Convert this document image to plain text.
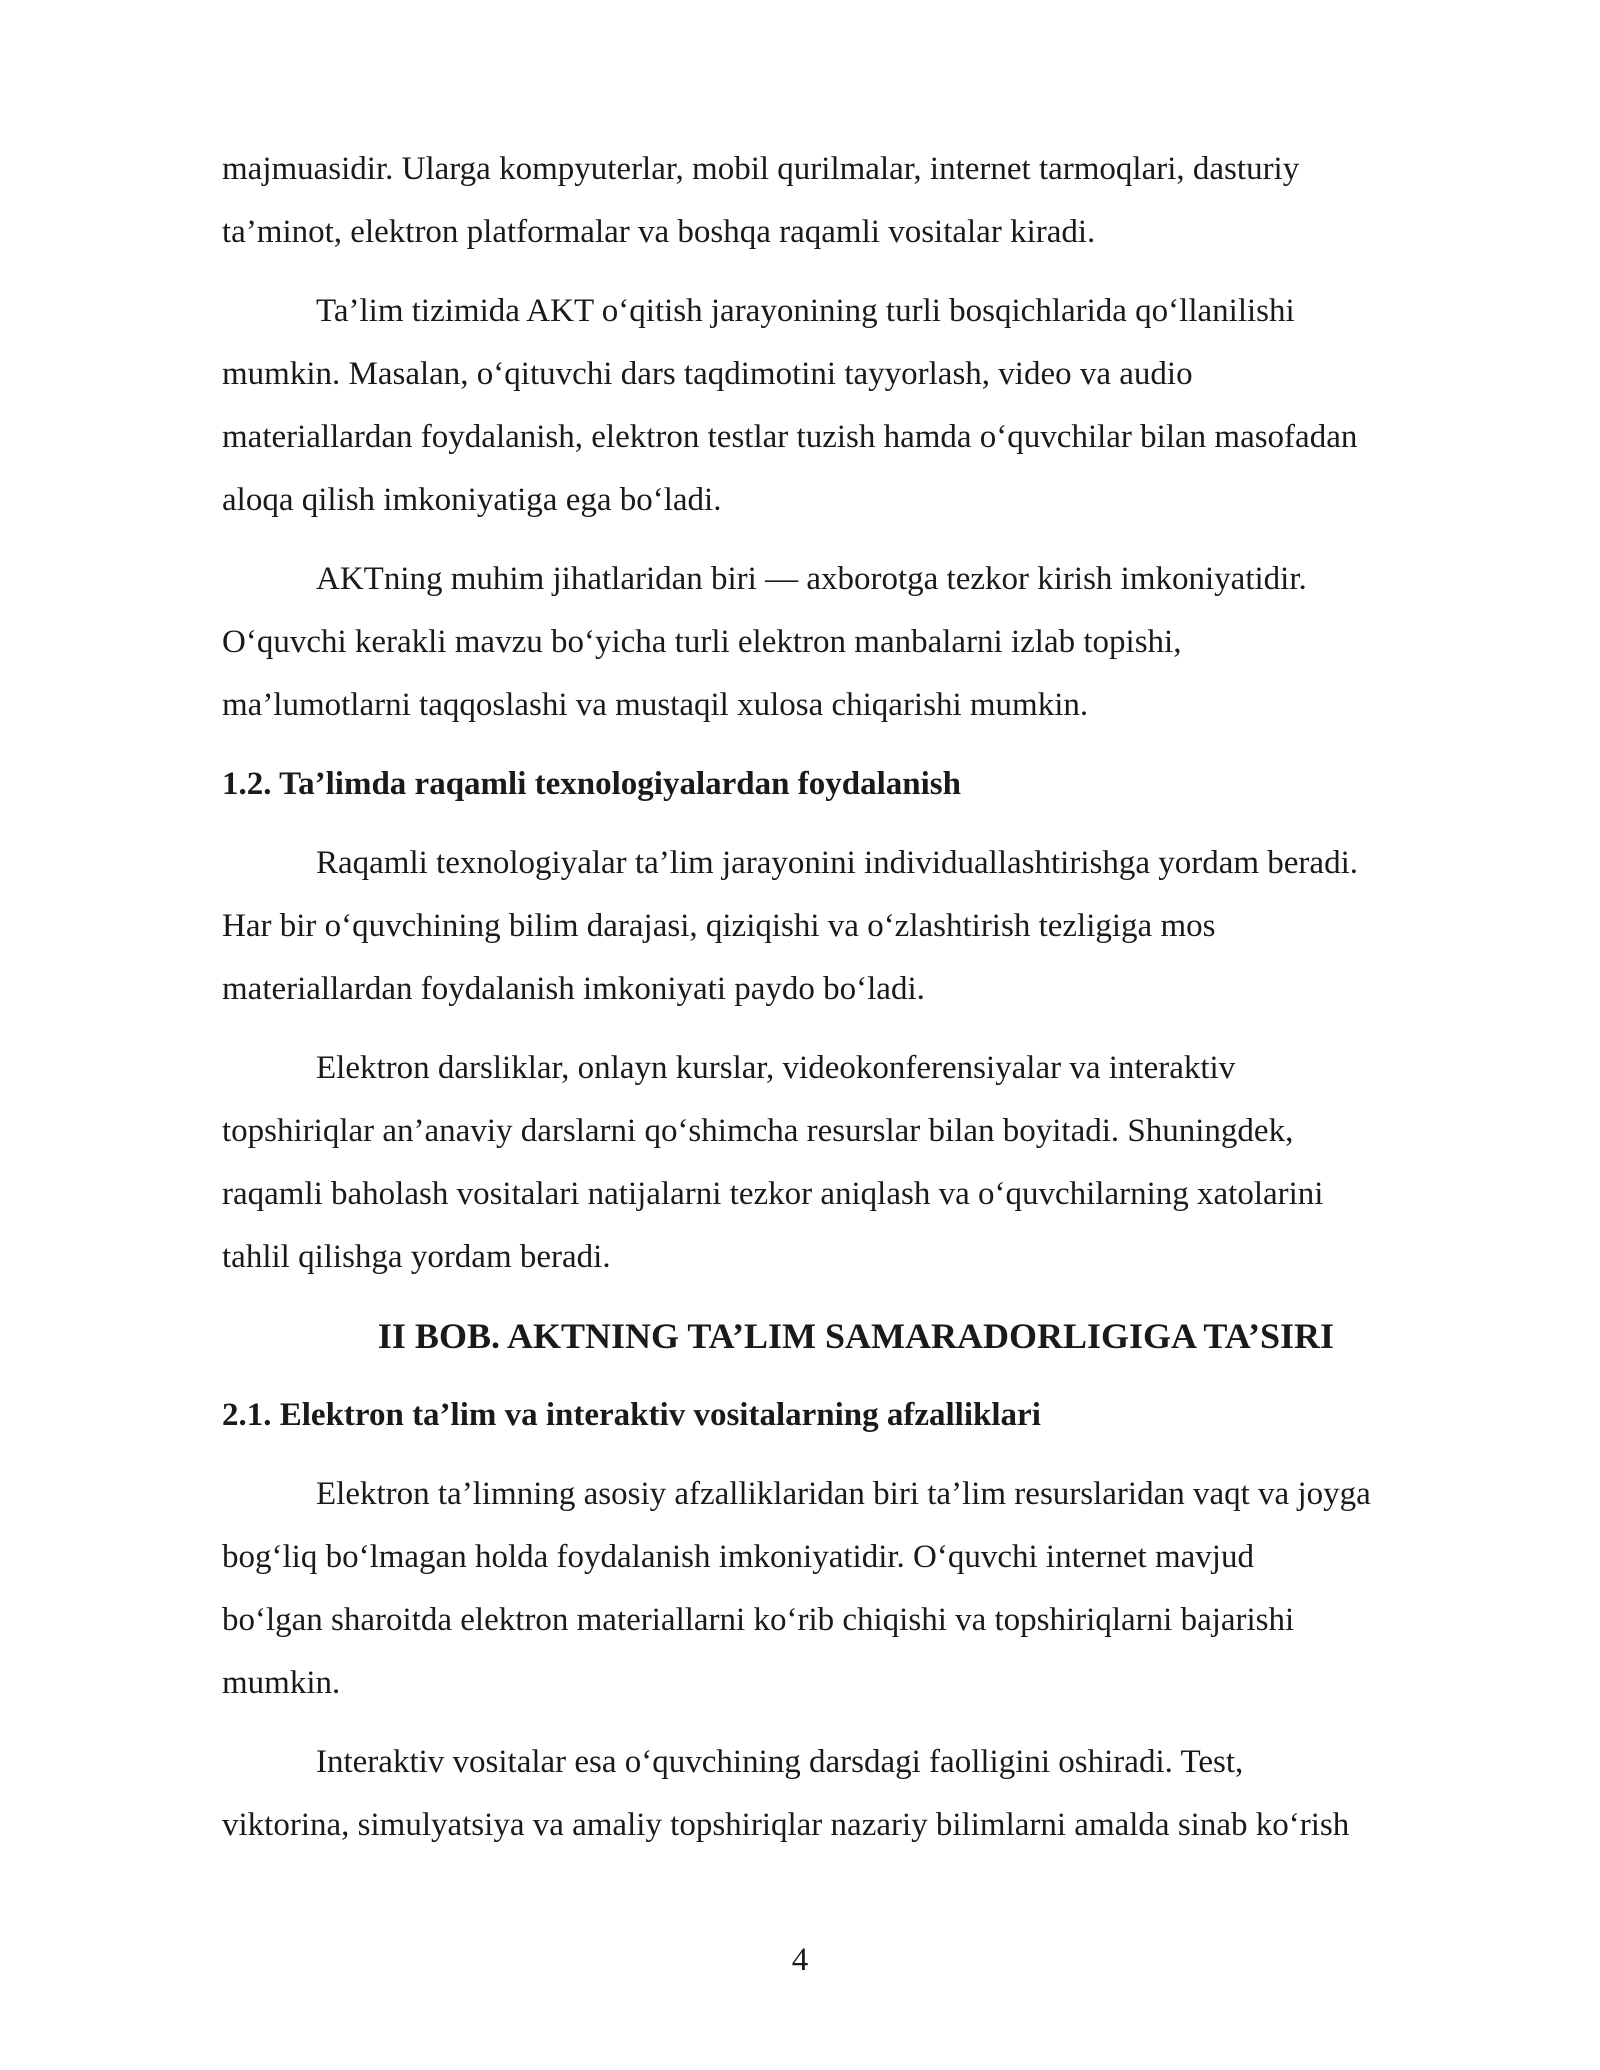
majmuasidir. Ularga kompyuterlar, mobil qurilmalar, internet tarmoqlari, dasturiy
ta’minot, elektron platformalar va boshqa raqamli vositalar kiradi.
Ta’lim tizimida AKT o‘qitish jarayonining turli bosqichlarida qo‘llanilishi
mumkin. Masalan, o‘qituvchi dars taqdimotini tayyorlash, video va audio
materiallardan foydalanish, elektron testlar tuzish hamda o‘quvchilar bilan masofadan
aloqa qilish imkoniyatiga ega bo‘ladi.
AKTning muhim jihatlaridan biri — axborotga tezkor kirish imkoniyatidir.
O‘quvchi kerakli mavzu bo‘yicha turli elektron manbalarni izlab topishi,
ma’lumotlarni taqqoslashi va mustaqil xulosa chiqarishi mumkin.
1.2. Ta’limda raqamli texnologiyalardan foydalanish
Raqamli texnologiyalar ta’lim jarayonini individuallashtirishga yordam beradi.
Har bir o‘quvchining bilim darajasi, qiziqishi va o‘zlashtirish tezligiga mos
materiallardan foydalanish imkoniyati paydo bo‘ladi.
Elektron darsliklar, onlayn kurslar, videokonferensiyalar va interaktiv
topshiriqlar an’anaviy darslarni qo‘shimcha resurslar bilan boyitadi. Shuningdek,
raqamli baholash vositalari natijalarni tezkor aniqlash va o‘quvchilarning xatolarini
tahlil qilishga yordam beradi.
II BOB. AKTNING TA’LIM SAMARADORLIGIGA TA’SIRI
2.1. Elektron ta’lim va interaktiv vositalarning afzalliklari
Elektron ta’limning asosiy afzalliklaridan biri ta’lim resurslaridan vaqt va joyga
bog‘liq bo‘lmagan holda foydalanish imkoniyatidir. O‘quvchi internet mavjud
bo‘lgan sharoitda elektron materiallarni ko‘rib chiqishi va topshiriqlarni bajarishi
mumkin.
Interaktiv vositalar esa o‘quvchining darsdagi faolligini oshiradi. Test,
viktorina, simulyatsiya va amaliy topshiriqlar nazariy bilimlarni amalda sinab ko‘rish
4
